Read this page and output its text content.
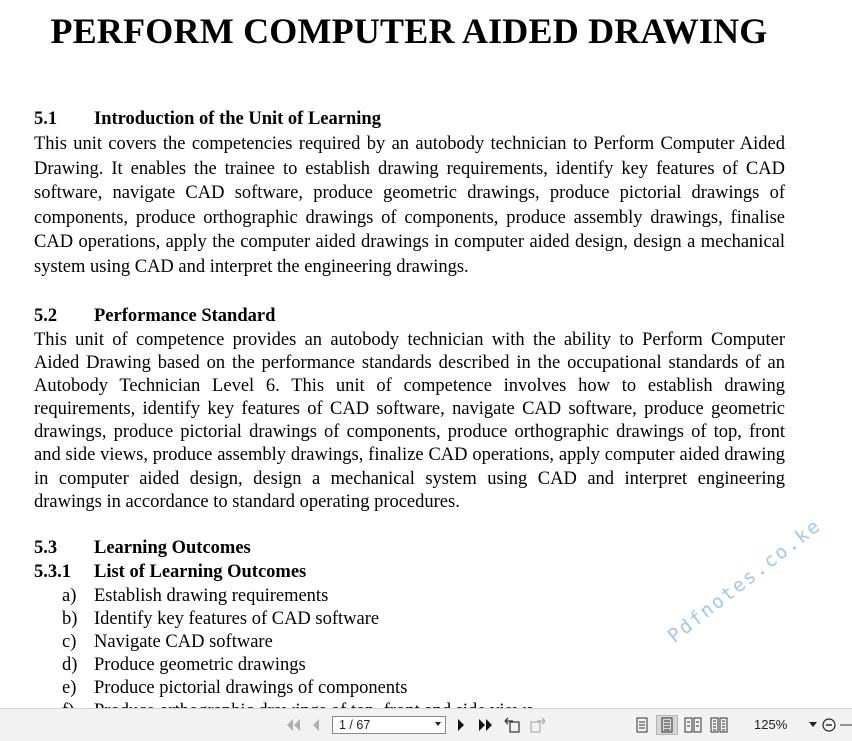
PERFORM COMPUTER AIDED DRAWING
5.1 Introduction of the Unit of Learning

This unit covers the competencies required by an autobody technician to Perform Computer Aided Drawing. It enables the trainee to establish drawing requirements, identify key features of CAD software, navigate CAD software, produce geometric drawings, produce pictorial drawings of components, produce orthographic drawings of components, produce assembly drawings, finalise CAD operations, apply the computer aided drawings in computer aided design, design a mechanical system using CAD and interpret the engineering drawings.

5.2 Performance Standard

This unit of competence provides an autobody technician with the ability to Perform Computer Aided Drawing based on the performance standards described in the occupational standards of an Autobody Technician Level 6. This unit of competence involves how to establish drawing requirements, identify key features of CAD software, navigate CAD software, produce geometric drawings, produce pictorial drawings of components, produce orthographic drawings of top, front and side views, produce assembly drawings, finalize CAD operations, apply computer aided drawing in computer aided design, design a mechanical system using CAD and interpret engineering drawings in accordance to standard operating procedures.

5.3 Learning Outcomes
5.3.1 List of Learning Outcomes
a) Establish drawing requirements
b) Identify key features of CAD software
c) Navigate CAD software
d) Produce geometric drawings
e) Produce pictorial drawings of components
Pdfnotes.co.ke
1 / 67	125%
